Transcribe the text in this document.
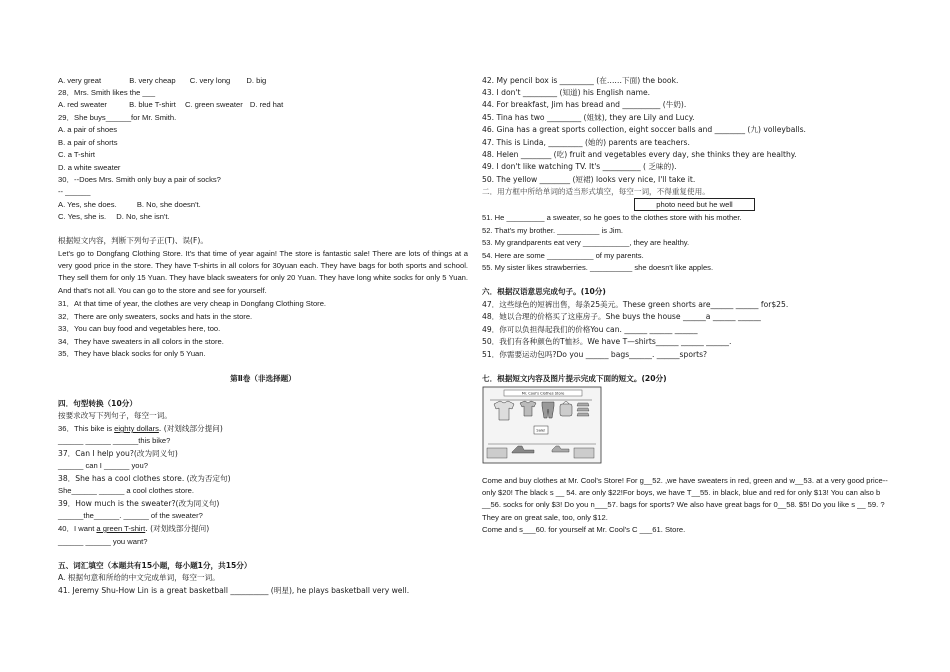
A. very great	B. very cheap C. very long D. big
28．Mrs. Smith likes the ___
A. red sweater	B. blue T-shirt C. green sweater D. red hat
29．She buys______for Mr. Smith.
A. a pair of shoes
B. a pair of shorts
C. a T-shirt
D. a white sweater
30．--Does Mrs. Smith only buy a pair of socks?
-- ______
A. Yes, she does.	B. No, she doesn't.
C. Yes, she is. D. No, she isn't.
根据短文内容，判断下列句子正(T)、误(F)。
Let's go to Dongfang Clothing Store. It's that time of year again! The store is fantastic sale! There are lots of things at a very good price in the store. They have T-shirts in all colors for 30yuan each. They have bags for both sports and school. They sell them for only 15 Yuan. They have black sweaters for only 20 Yuan. They have long white socks for only 5 Yuan. And that's not all. You can go to the store and see for yourself.
31．At that time of year, the clothes are very cheap in Dongfang Clothing Store.
32．There are only sweaters, socks and hats in the store.
33．You can buy food and vegetables here, too.
34．They have sweaters in all colors in the store.
35．They have black socks for only 5 Yuan.
第Ⅱ卷（非选择题）
四．句型转换（10分）
按要求改写下列句子，每空一词。
36．This bike is eighty dollars. (对划线部分提问)
______ ______ ______this bike?
37．Can I help you?(改为同义句)
______ can I ______ you?
38．She has a cool clothes store. (改为否定句)
She______ ______ a cool clothes store.
39．How much is the sweater?(改为同义句)
______the______. ______ of the sweater?
40．I want a green T-shirt. (对划线部分提问)
______ ______ you want?
五、词汇填空（本题共有15小题，每小题1分，共15分）
A. 根据句意和所给的中文完成单词，每空一词。
41. Jeremy Shu-How Lin is a great basketball __________ (明星), he plays basketball very well.
42. My pencil box is _________ (在……下面) the book.
43. I don't _________ (知道) his English name.
44. For breakfast, Jim has bread and __________ (牛奶).
45. Tina has two _________ (姐妹), they are Lily and Lucy.
46. Gina has a great sports collection, eight soccer balls and ________ (九) volleyballs.
47. This is Linda, _________ (她的) parents are teachers.
48. Helen ________ (吃) fruit and vegetables every day, she thinks they are healthy.
49. I don't like watching TV. It's __________ ( 乏味的).
50. The yellow ________ (短裙) looks very nice, I'll take it.
二．用方框中所给单词的适当形式填空，每空一词，不得重复使用。
photo need but he well
51. He _________ a sweater, so he goes to the clothes store with his mother.
52. That's my brother. __________ is Jim.
53. My grandparents eat very ___________, they are healthy.
54. Here are some ___________ of my parents.
55. My sister likes strawberries. __________ she doesn't like apples.
六．根据汉语意思完成句子。(10分)
47．这些绿色的短裤出售，每条25美元。These green shorts are______ ______ for$25.
48．她以合理的价格买了这座房子。She buys the house ______a ______ ______
49．你可以负担得起我们的价格You can. ______ ______ ______
50．我们有各种颜色的T恤衫。We have T—shirts______ ______ ______.
51．你需要运动包吗?Do you ______ bags______. ______sports?
七．根据短文内容及图片提示完成下面的短文。(20分)
Mr. Cool's Clothes Store
Sale!
Come and buy clothes at Mr. Cool's Store! For g__52. ,we have sweaters in red, green and w__53. at a very good price--only $20! The black s __ 54. are only $22!For boys, we have T__55. in black, blue and red for only $13! You can also b __56. socks for only $3! Do you n___57. bags for sports? We also have great bags for 0__58. $5! Do you like s __ 59. ? They are on great sale, too, only $12.
Come and s___60. for yourself at Mr. Cool's C ___61. Store.
